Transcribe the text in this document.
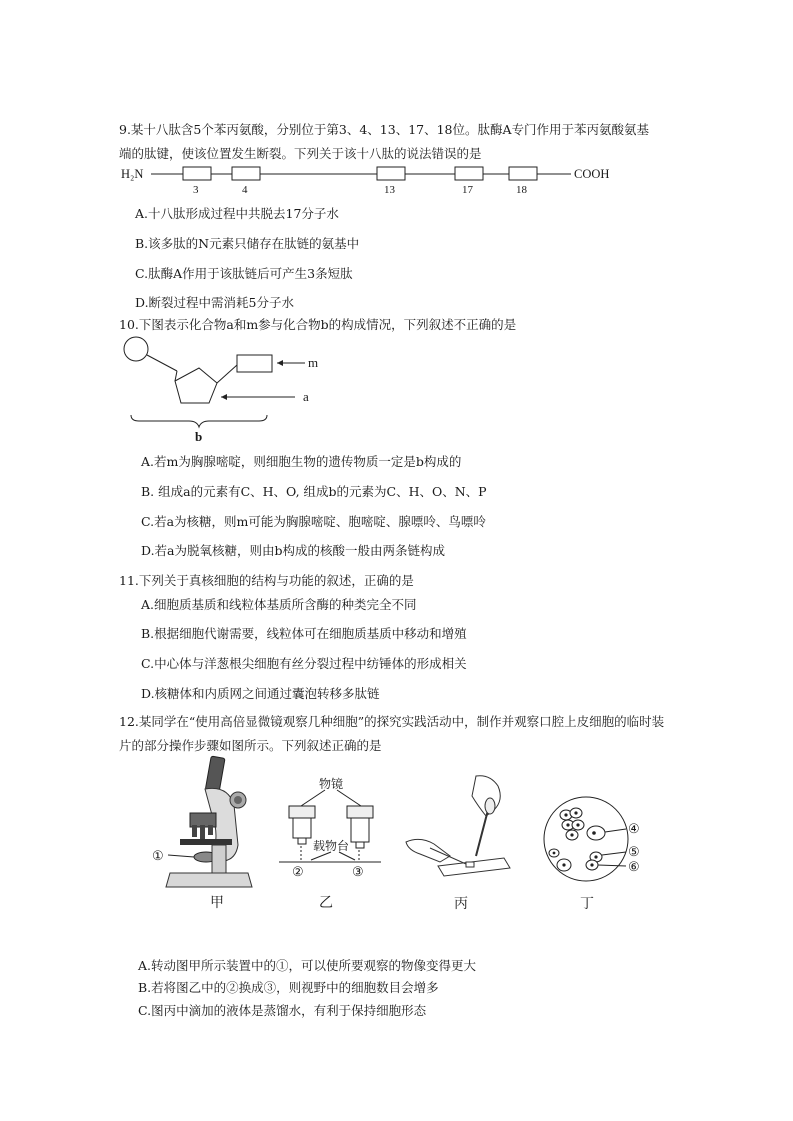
9.某十八肽含5个苯丙氨酸，分别位于第3、4、13、17、18位。肽酶A专门作用于苯丙氨酸氨基
端的肽键，使该位置发生断裂。下列关于该十八肽的说法错误的是
H₂N	COOH
3	4	13	17	18
A.十八肽形成过程中共脱去17分子水
B.该多肽的N元素只储存在肽链的氨基中
C.肽酶A作用于该肽链后可产生3条短肽
D.断裂过程中需消耗5分子水
10.下图表示化合物a和m参与化合物b的构成情况，下列叙述不正确的是
m
a
b
A.若m为胸腺嘧啶，则细胞生物的遗传物质一定是b构成的
B. 组成a的元素有C、H、O, 组成b的元素为C、H、O、N、P
C.若a为核糖，则m可能为胸腺嘧啶、胞嘧啶、腺嘌呤、鸟嘌呤
D.若a为脱氧核糖，则由b构成的核酸一般由两条链构成
11.下列关于真核细胞的结构与功能的叙述，正确的是
A.细胞质基质和线粒体基质所含酶的种类完全不同
B.根据细胞代谢需要，线粒体可在细胞质基质中移动和增殖
C.中心体与洋葱根尖细胞有丝分裂过程中纺锤体的形成相关
D.核糖体和内质网之间通过囊泡转移多肽链
12.某同学在“使用高倍显微镜观察几种细胞”的探究实践活动中，制作并观察口腔上皮细胞的临时装
片的部分操作步骤如图所示。下列叙述正确的是
①
甲
物镜
载物台
②	③
乙	丙
④
⑤
⑥
丁
A.转动图甲所示装置中的①，可以使所要观察的物像变得更大
B.若将图乙中的②换成③，则视野中的细胞数目会增多
C.图丙中滴加的液体是蒸馏水，有利于保持细胞形态
